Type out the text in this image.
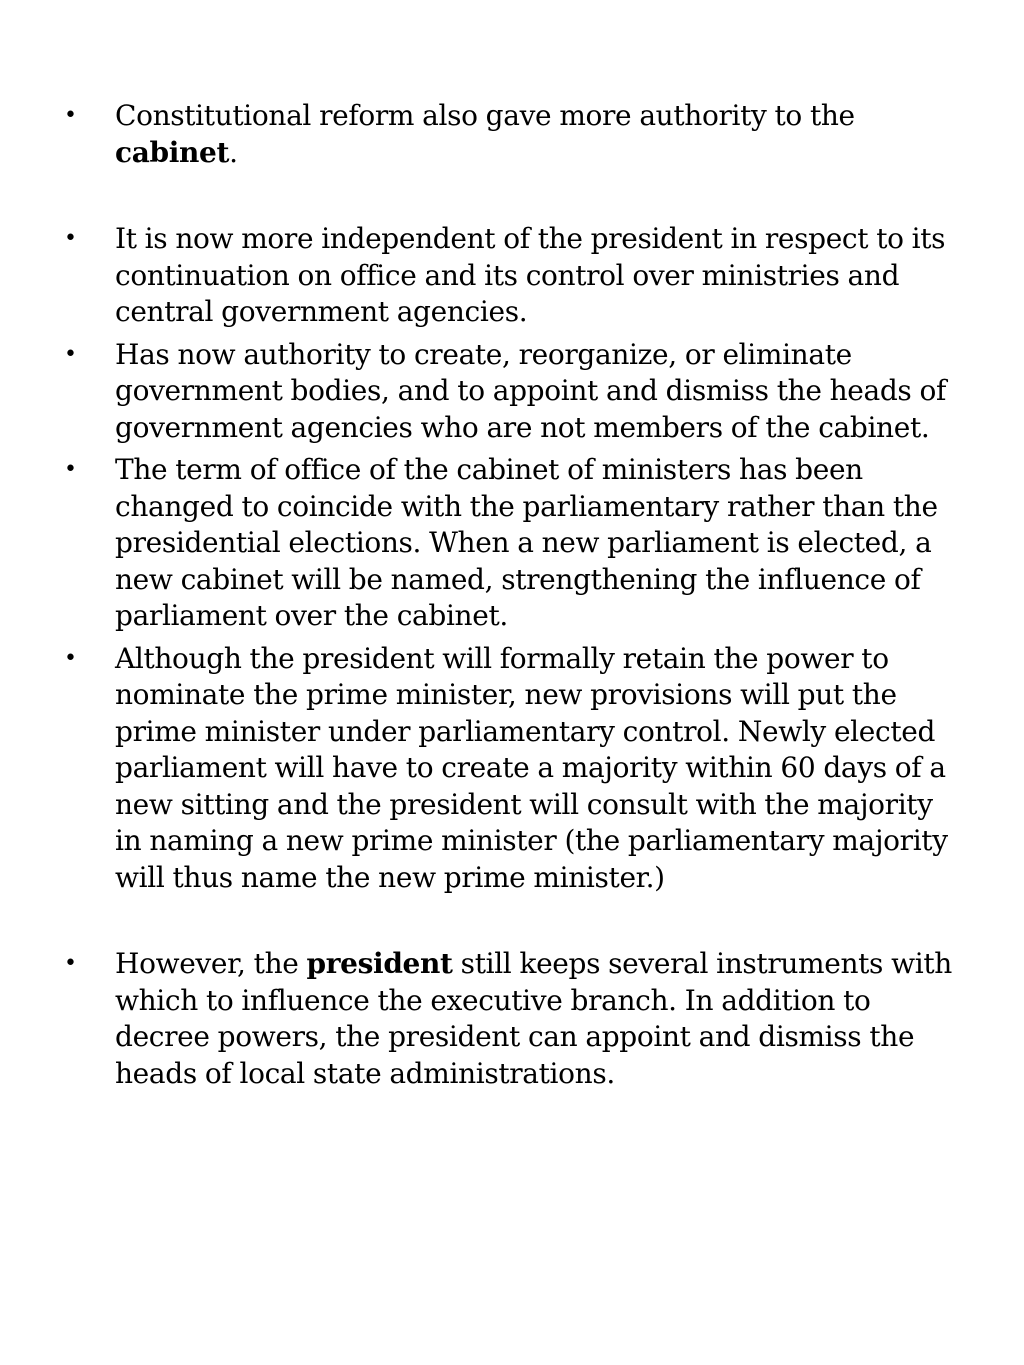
• Constitutional reform also gave more authority to the cabinet.
• It is now more independent of the president in respect to its continuation on office and its control over ministries and central government agencies.
• Has now authority to create, reorganize, or eliminate government bodies, and to appoint and dismiss the heads of government agencies who are not members of the cabinet.
• The term of office of the cabinet of ministers has been changed to coincide with the parliamentary rather than the presidential elections. When a new parliament is elected, a new cabinet will be named, strengthening the influence of parliament over the cabinet.
• Although the president will formally retain the power to nominate the prime minister, new provisions will put the prime minister under parliamentary control. Newly elected parliament will have to create a majority within 60 days of a new sitting and the president will consult with the majority in naming a new prime minister (the parliamentary majority will thus name the new prime minister.)
• However, the president still keeps several instruments with which to influence the executive branch. In addition to decree powers, the president can appoint and dismiss the heads of local state administrations.
